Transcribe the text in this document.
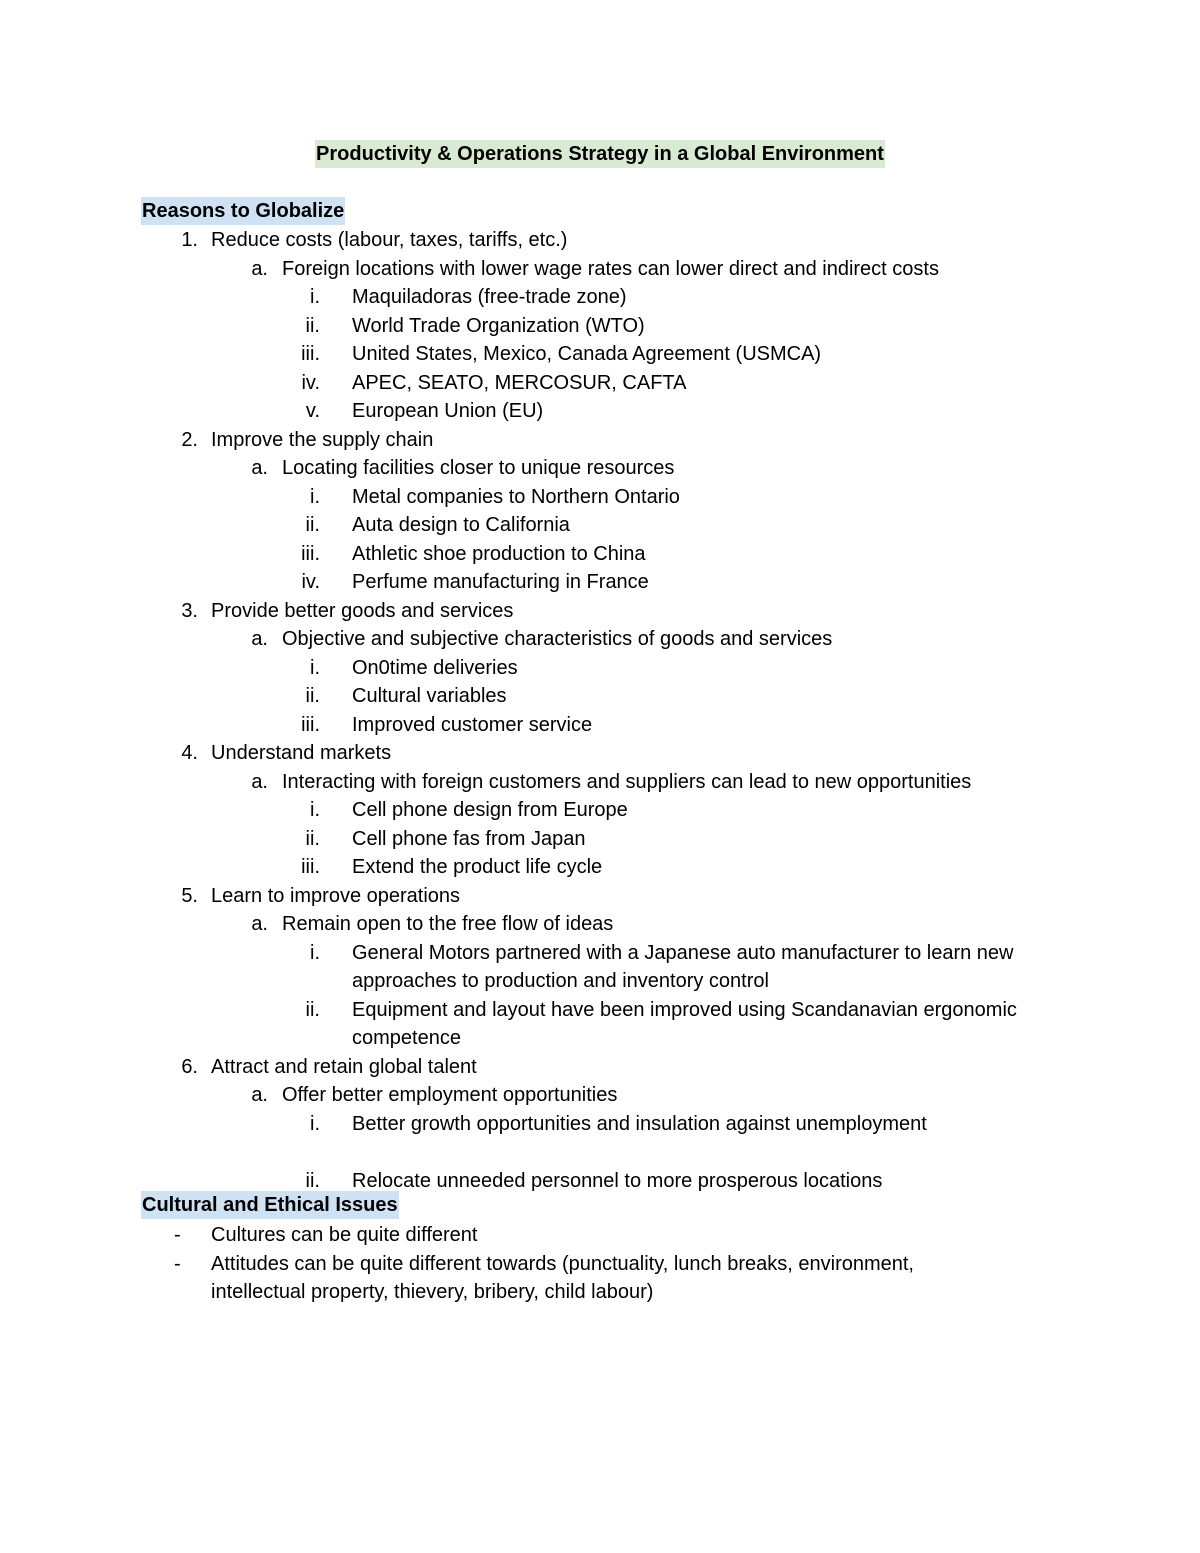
Productivity & Operations Strategy in a Global Environment
Reasons to Globalize
1. Reduce costs (labour, taxes, tariffs, etc.)
a. Foreign locations with lower wage rates can lower direct and indirect costs
i. Maquiladoras (free-trade zone)
ii. World Trade Organization (WTO)
iii. United States, Mexico, Canada Agreement (USMCA)
iv. APEC, SEATO, MERCOSUR, CAFTA
v. European Union (EU)
2. Improve the supply chain
a. Locating facilities closer to unique resources
i. Metal companies to Northern Ontario
ii. Auta design to California
iii. Athletic shoe production to China
iv. Perfume manufacturing in France
3. Provide better goods and services
a. Objective and subjective characteristics of goods and services
i. On0time deliveries
ii. Cultural variables
iii. Improved customer service
4. Understand markets
a. Interacting with foreign customers and suppliers can lead to new opportunities
i. Cell phone design from Europe
ii. Cell phone fas from Japan
iii. Extend the product life cycle
5. Learn to improve operations
a. Remain open to the free flow of ideas
i. General Motors partnered with a Japanese auto manufacturer to learn new approaches to production and inventory control
ii. Equipment and layout have been improved using Scandanavian ergonomic competence
6. Attract and retain global talent
a. Offer better employment opportunities
i. Better growth opportunities and insulation against unemployment
ii. Relocate unneeded personnel to more prosperous locations
Cultural and Ethical Issues
- Cultures can be quite different
- Attitudes can be quite different towards (punctuality, lunch breaks, environment, intellectual property, thievery, bribery, child labour)
